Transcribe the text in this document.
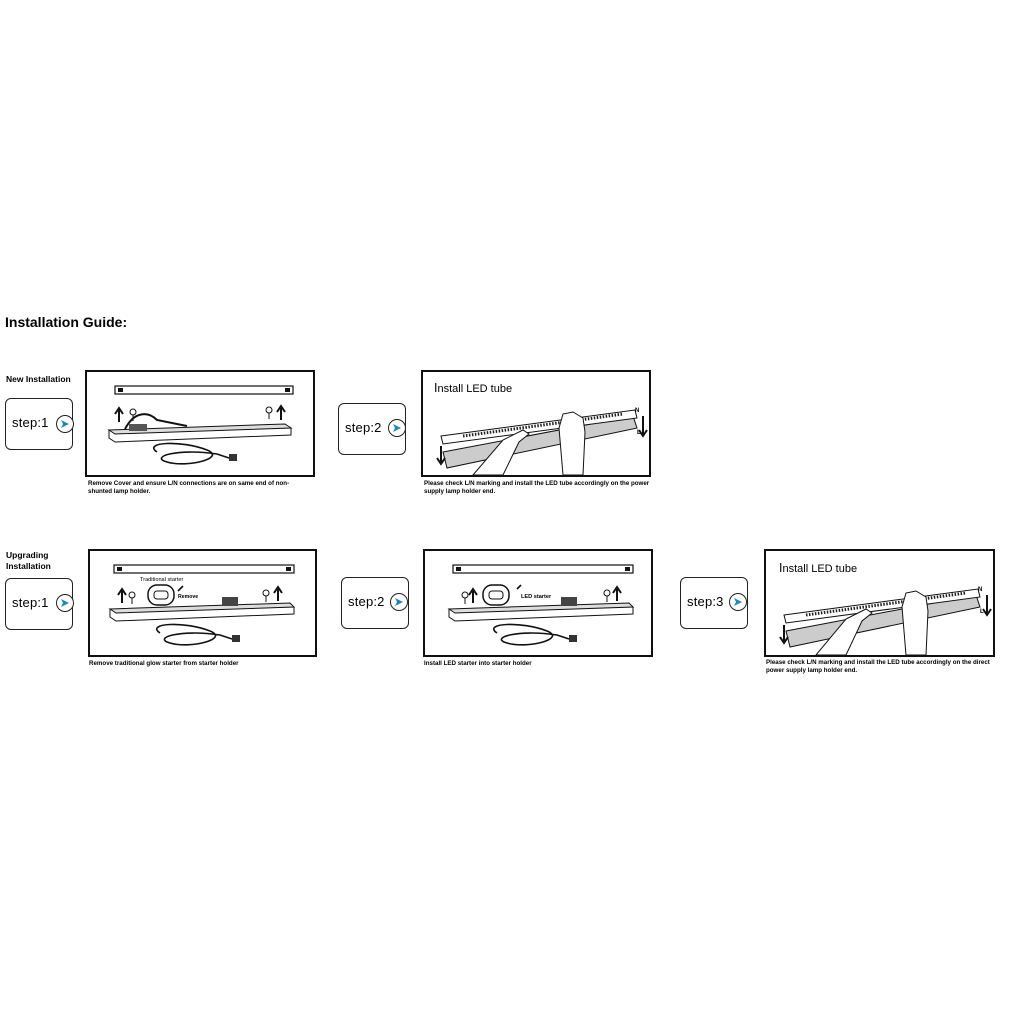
Installation Guide:
New Installation
step:1
Remove Cover and ensure L/N connections are on same end of non-shunted lamp holder.
step:2
Install LED tube
N
L
Please check L/N marking and install the LED tube accordingly on the power supply lamp holder end.
Upgrading Installation
step:1
Traditional starter
Remove
Remove traditional glow starter from starter holder
step:2	LED starter
Install LED starter into starter holder
step:3
Install LED tube
N
L
Please check L/N marking and install the LED tube accordingly on the direct power supply lamp holder end.
